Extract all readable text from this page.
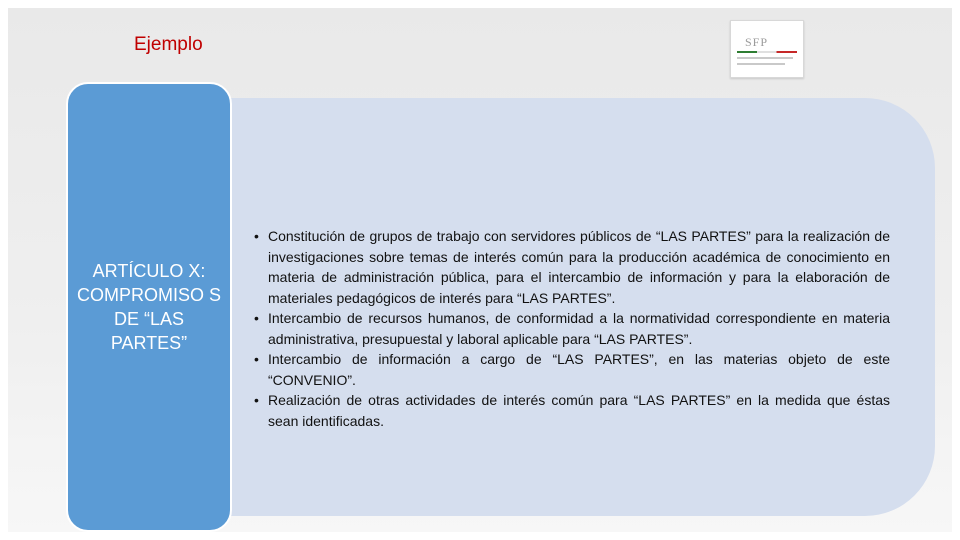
Ejemplo	SFP
ARTÍCULO X: COMPROMISO S DE “LAS PARTES”
• Constitución de grupos de trabajo con servidores públicos de “LAS PARTES” para la realización de investigaciones sobre temas de interés común para la producción académica de conocimiento en materia de administración pública, para el intercambio de información y para la elaboración de materiales pedagógicos de interés para “LAS PARTES”.
• Intercambio de recursos humanos, de conformidad a la normatividad correspondiente en materia administrativa, presupuestal y laboral aplicable para “LAS PARTES”.
• Intercambio de información a cargo de “LAS PARTES”, en las materias objeto de este “CONVENIO”.
• Realización de otras actividades de interés común para “LAS PARTES” en la medida que éstas sean identificadas.
